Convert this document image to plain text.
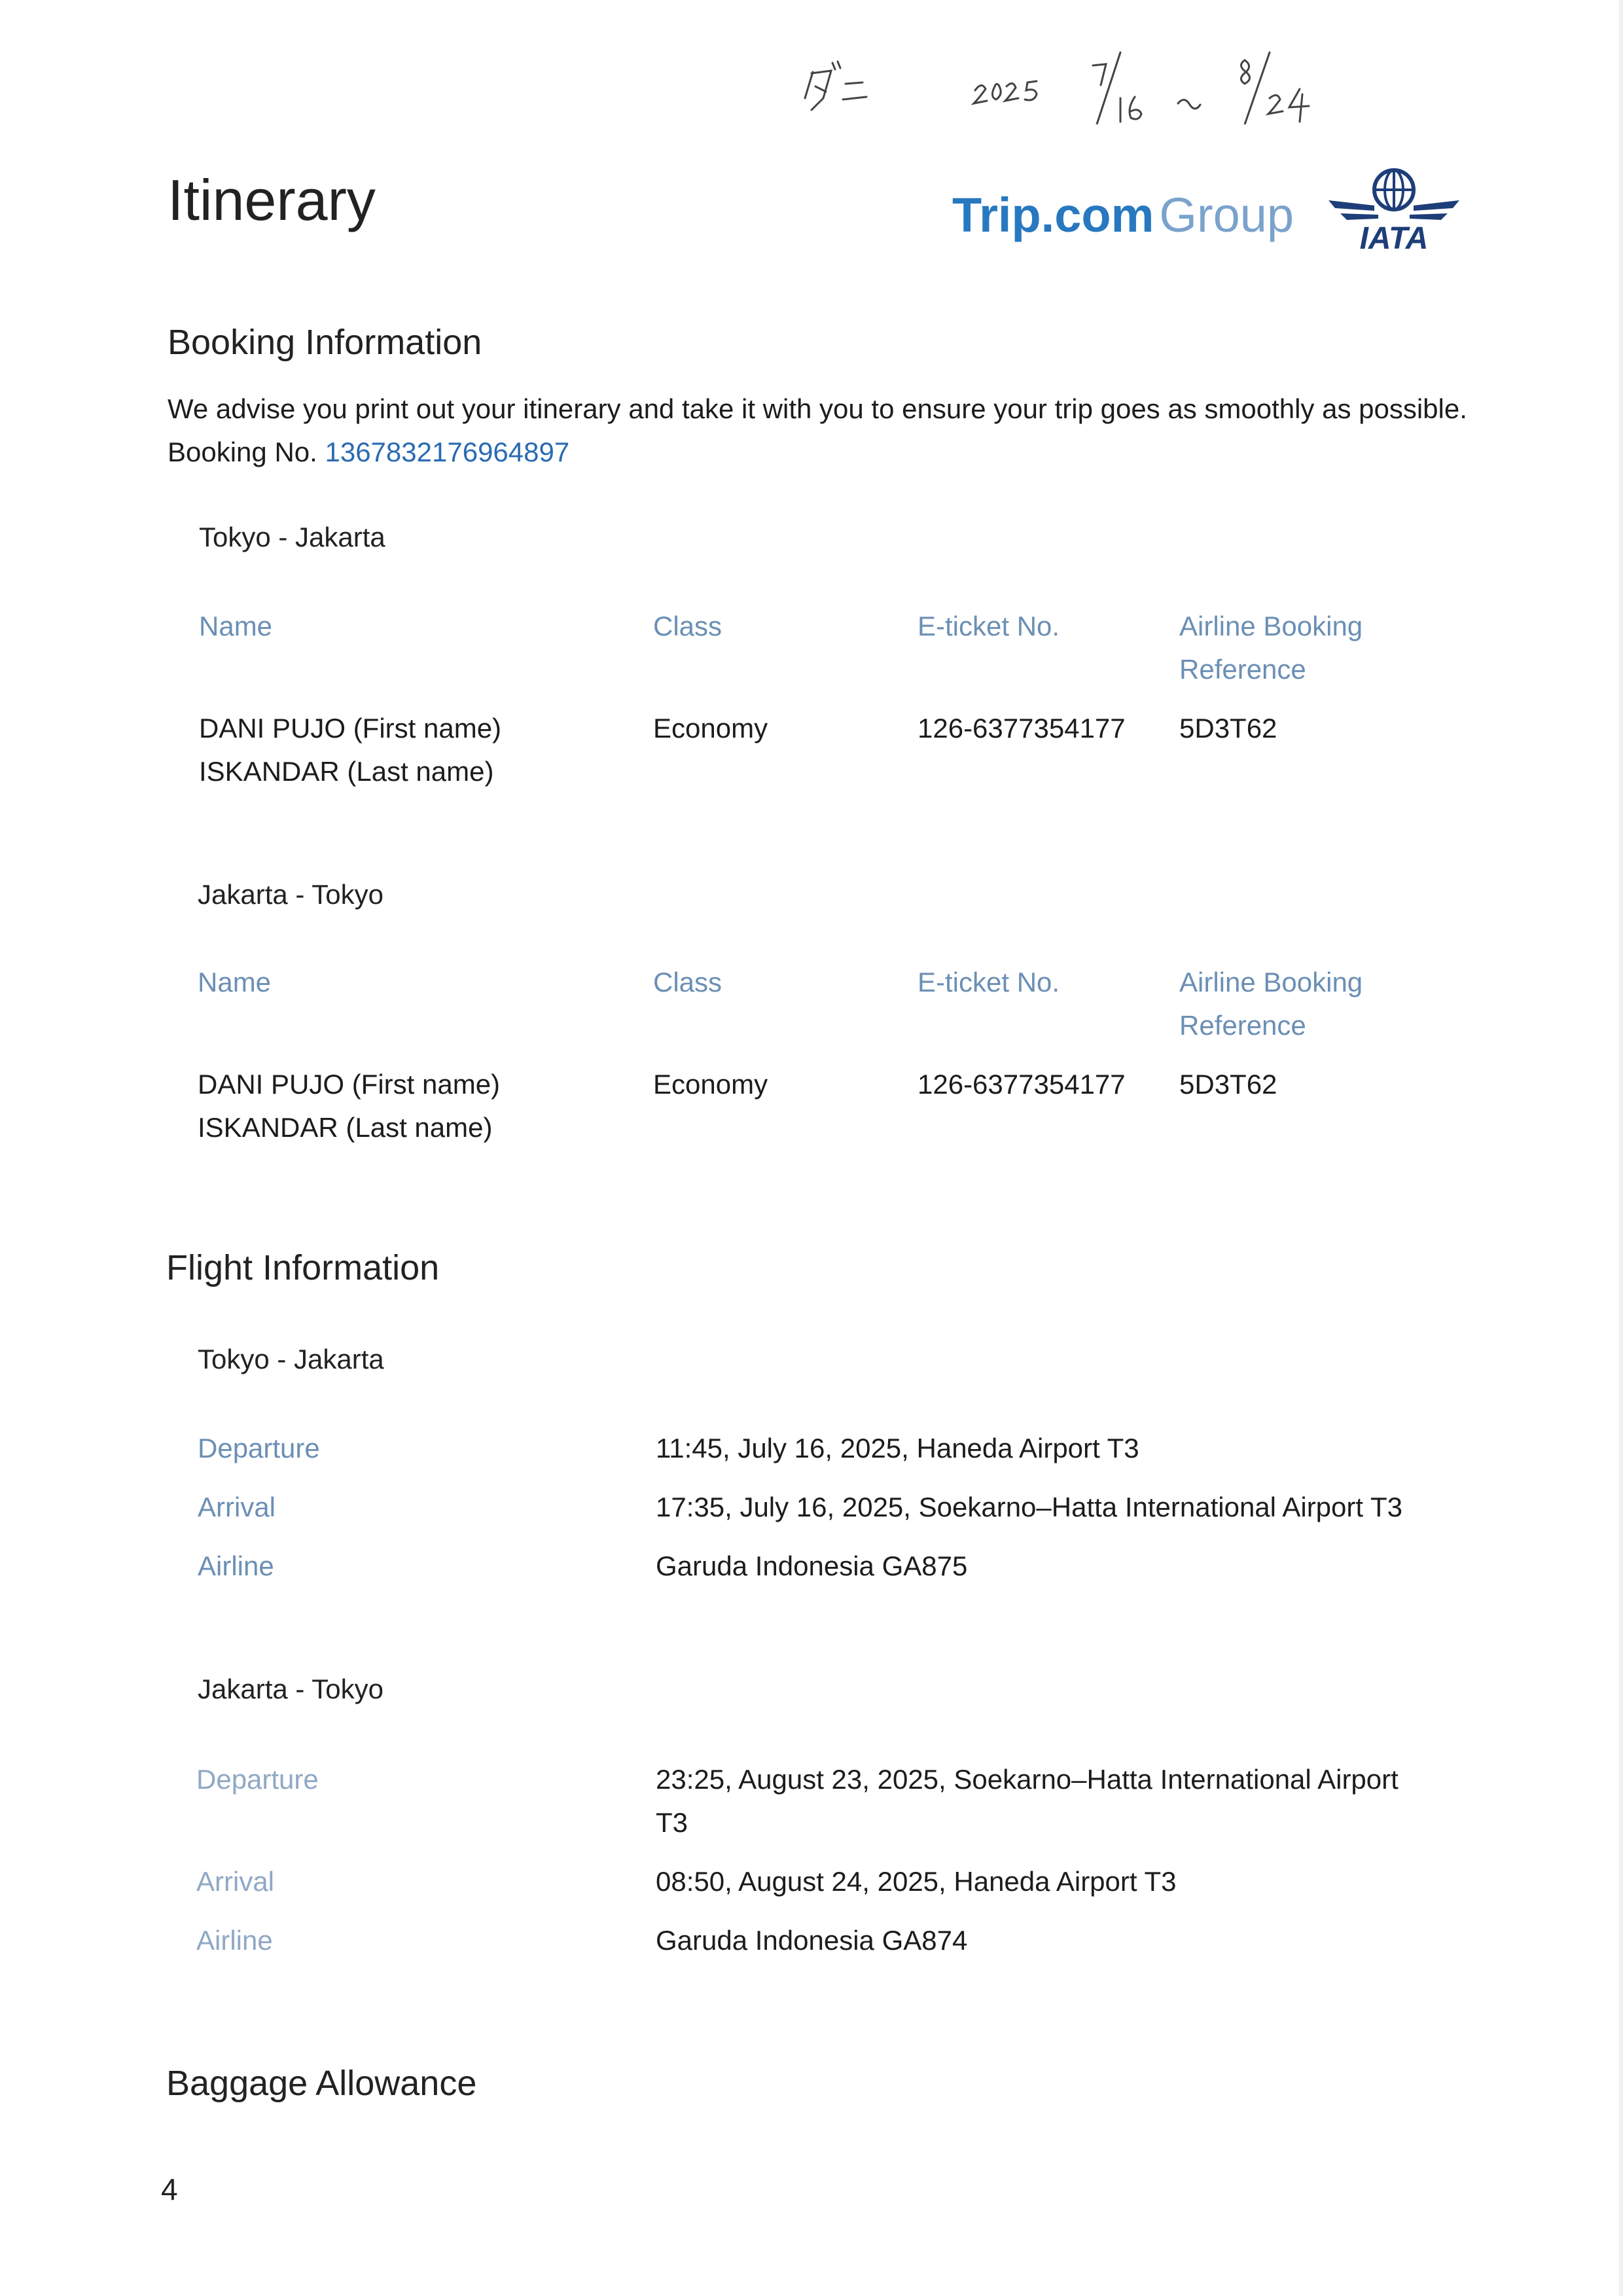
Itinerary	Trip.com Group IATA
Booking Information
We advise you print out your itinerary and take it with you to ensure your trip goes as smoothly as possible.
Booking No. 1367832176964897
Tokyo - Jakarta
Name	Class	E-ticket No.	Airline Booking
Reference
DANI PUJO (First name)
ISKANDAR (Last name)
Economy	126-6377354177 5D3T62
Jakarta - Tokyo
Name	Class	E-ticket No.	Airline Booking
Reference
DANI PUJO (First name)
ISKANDAR (Last name)
Economy	126-6377354177 5D3T62
Flight Information
Tokyo - Jakarta
Departure	11:45, July 16, 2025, Haneda Airport T3
Arrival	17:35, July 16, 2025, Soekarno–Hatta International Airport T3
Airline	Garuda Indonesia GA875
Jakarta - Tokyo
Departure	23:25, August 23, 2025, Soekarno–Hatta International Airport
T3
Arrival	08:50, August 24, 2025, Haneda Airport T3
Airline	Garuda Indonesia GA874
Baggage Allowance
4
